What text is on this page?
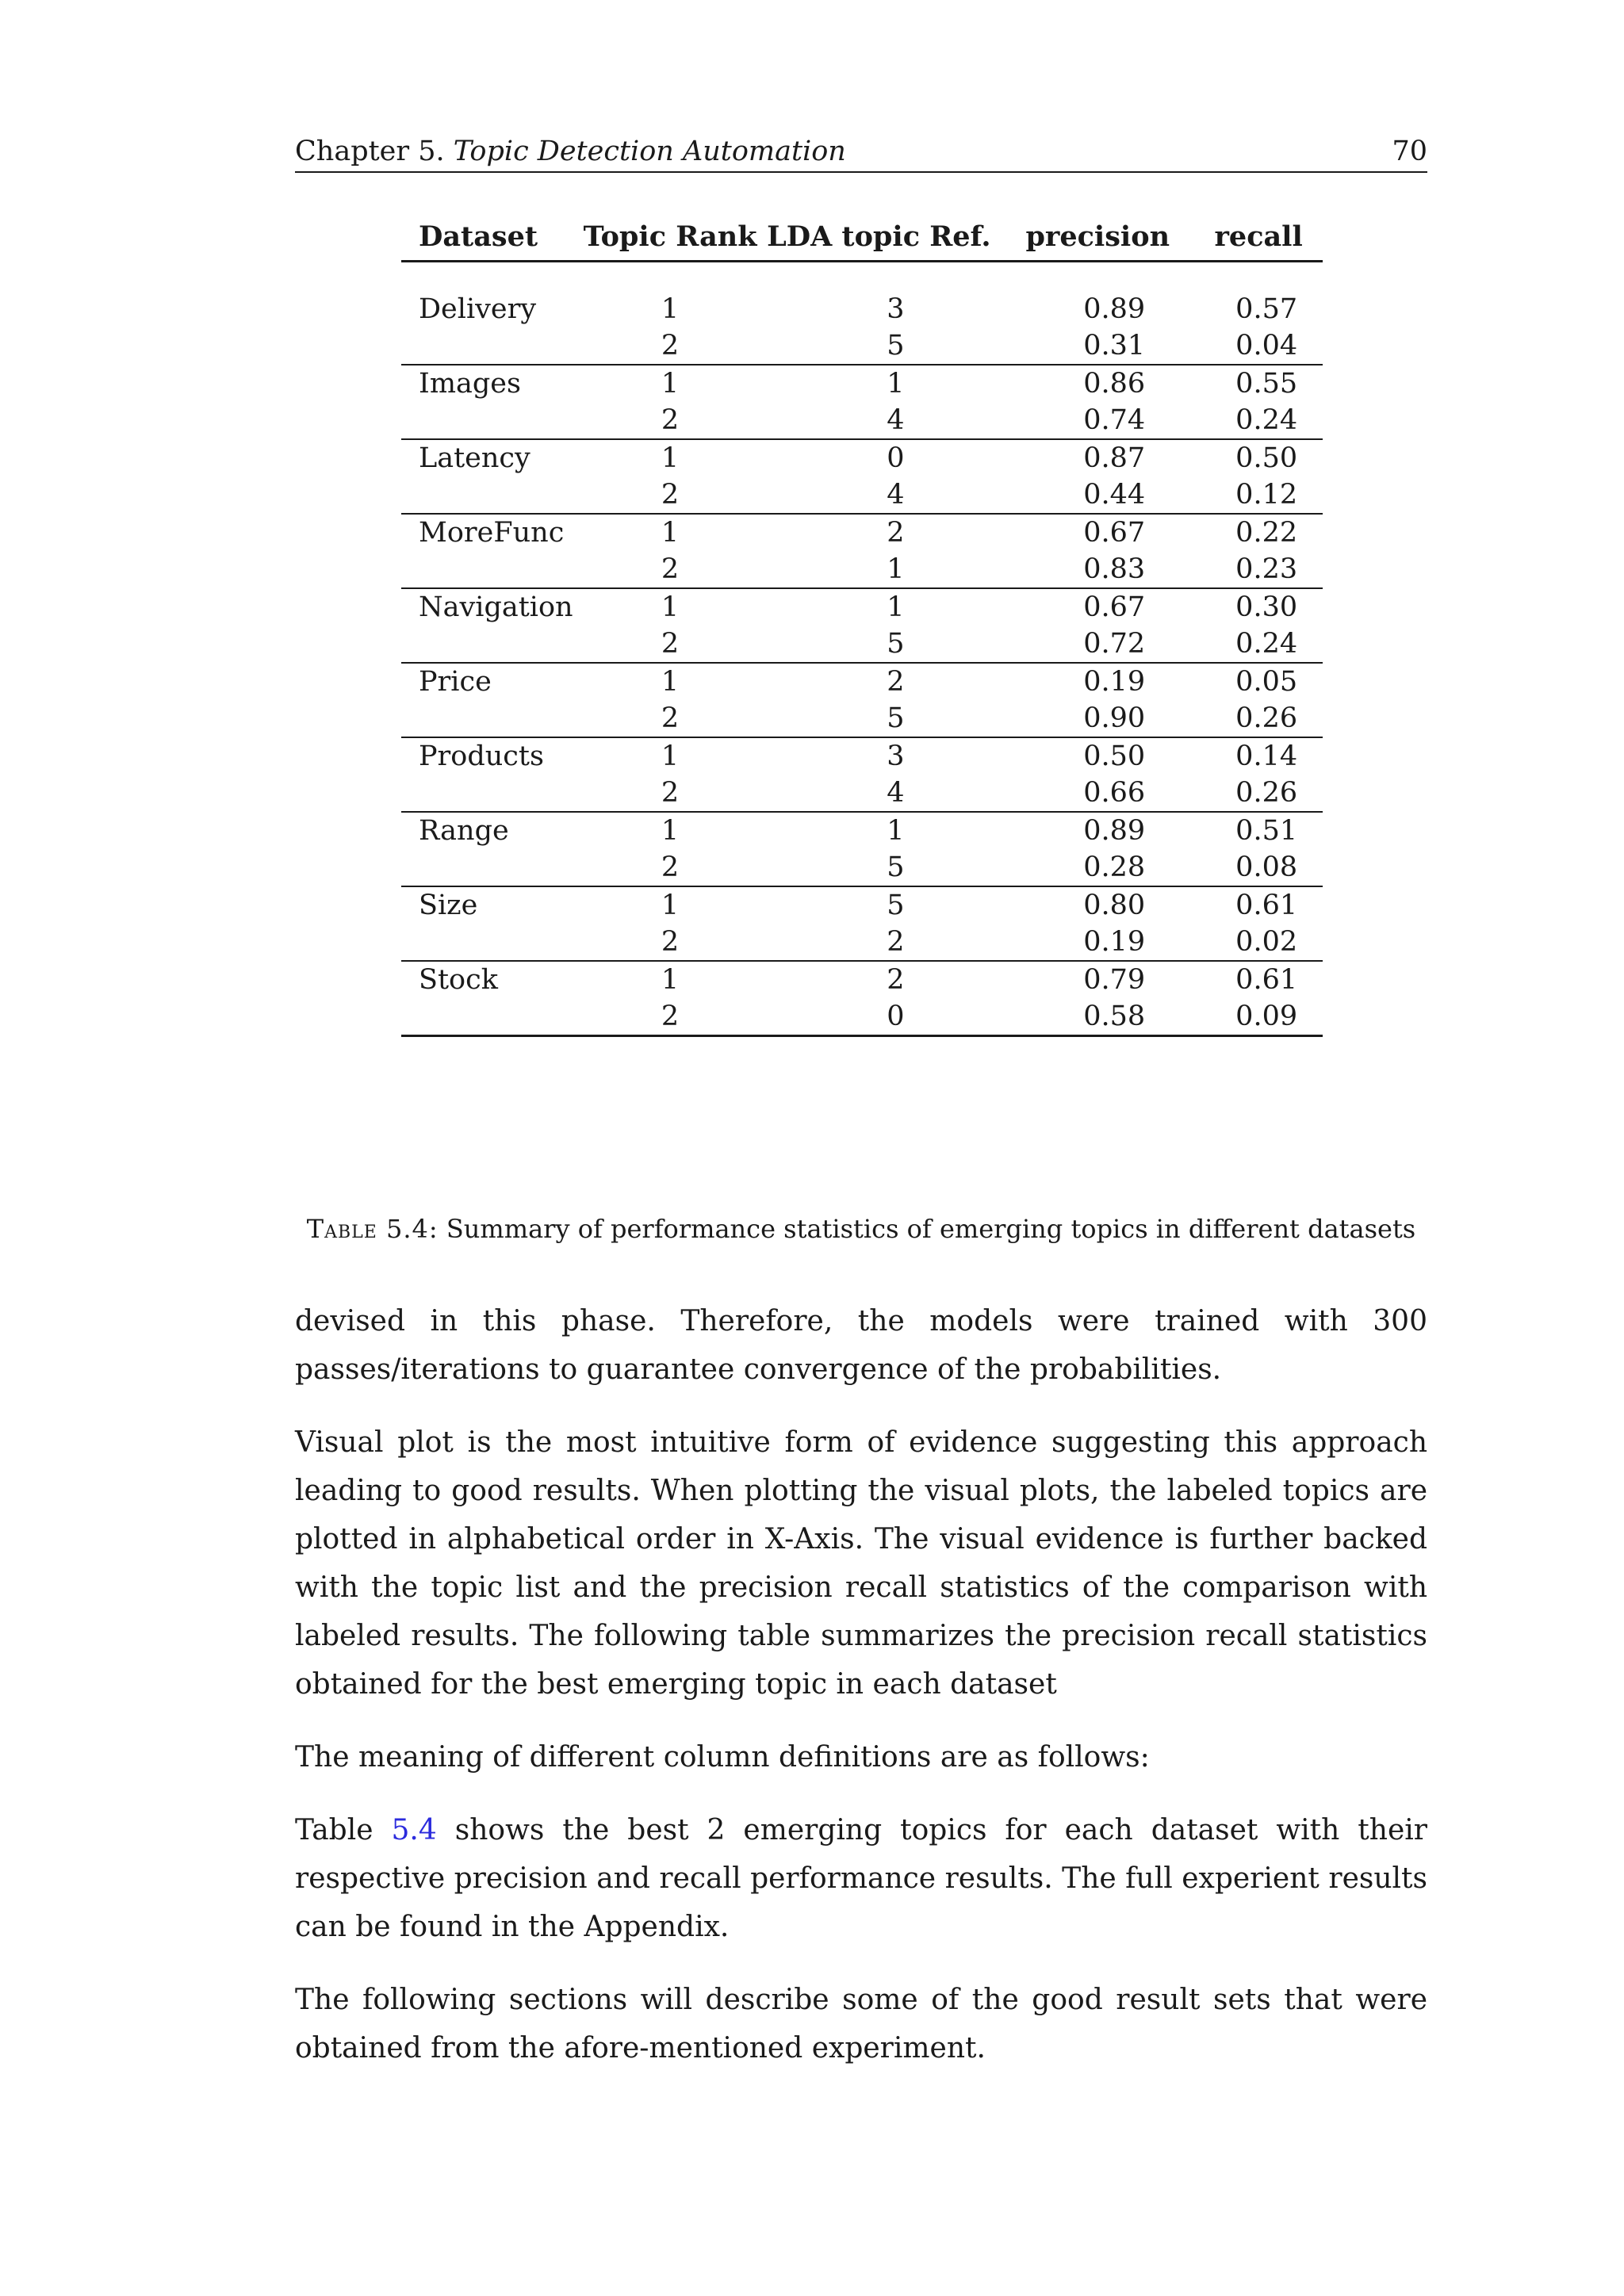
Chapter 5. Topic Detection Automation	70
Dataset	Topic Rank	LDA topic Ref.	precision	recall

Delivery	1	3	0.89	0.57
	2	5	0.31	0.04
Images	1	1	0.86	0.55
	2	4	0.74	0.24
Latency	1	0	0.87	0.50
	2	4	0.44	0.12
MoreFunc	1	2	0.67	0.22
	2	1	0.83	0.23
Navigation	1	1	0.67	0.30
	2	5	0.72	0.24
Price	1	2	0.19	0.05
	2	5	0.90	0.26
Products	1	3	0.50	0.14
	2	4	0.66	0.26
Range	1	1	0.89	0.51
	2	5	0.28	0.08
Size	1	5	0.80	0.61
	2	2	0.19	0.02
Stock	1	2	0.79	0.61
	2	0	0.58	0.09
Table 5.4: Summary of performance statistics of emerging topics in different datasets

devised in this phase. Therefore, the models were trained with 300 passes/iterations to guarantee convergence of the probabilities.

Visual plot is the most intuitive form of evidence suggesting this approach leading to good results. When plotting the visual plots, the labeled topics are plotted in alphabetical order in X-Axis. The visual evidence is further backed with the topic list and the precision recall statistics of the comparison with labeled results. The following table summarizes the precision recall statistics obtained for the best emerging topic in each dataset

The meaning of different column definitions are as follows:

Table 5.4 shows the best 2 emerging topics for each dataset with their respective precision and recall performance results. The full experient results can be found in the Appendix.

The following sections will describe some of the good result sets that were obtained from the afore-mentioned experiment.
